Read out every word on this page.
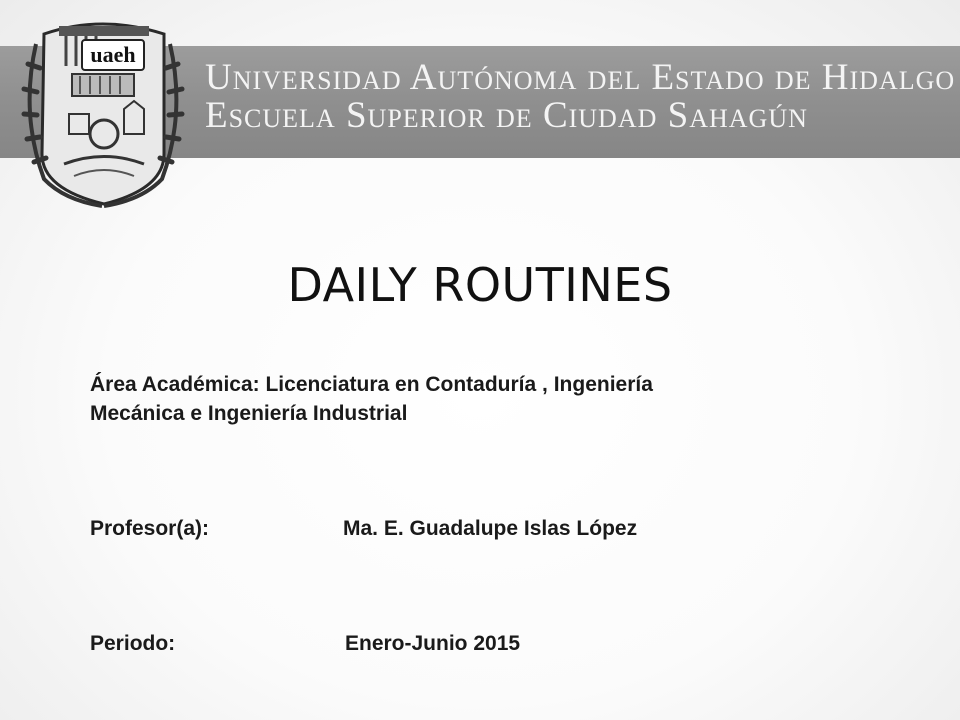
uaeh
Universidad Autónoma del Estado de Hidalgo
Escuela Superior de Ciudad Sahagún
DAILY ROUTINES
Área Académica: Licenciatura en Contaduría , Ingeniería
Mecánica e Ingeniería Industrial
Profesor(a):	Ma. E. Guadalupe Islas López
Periodo:	Enero-Junio 2015
